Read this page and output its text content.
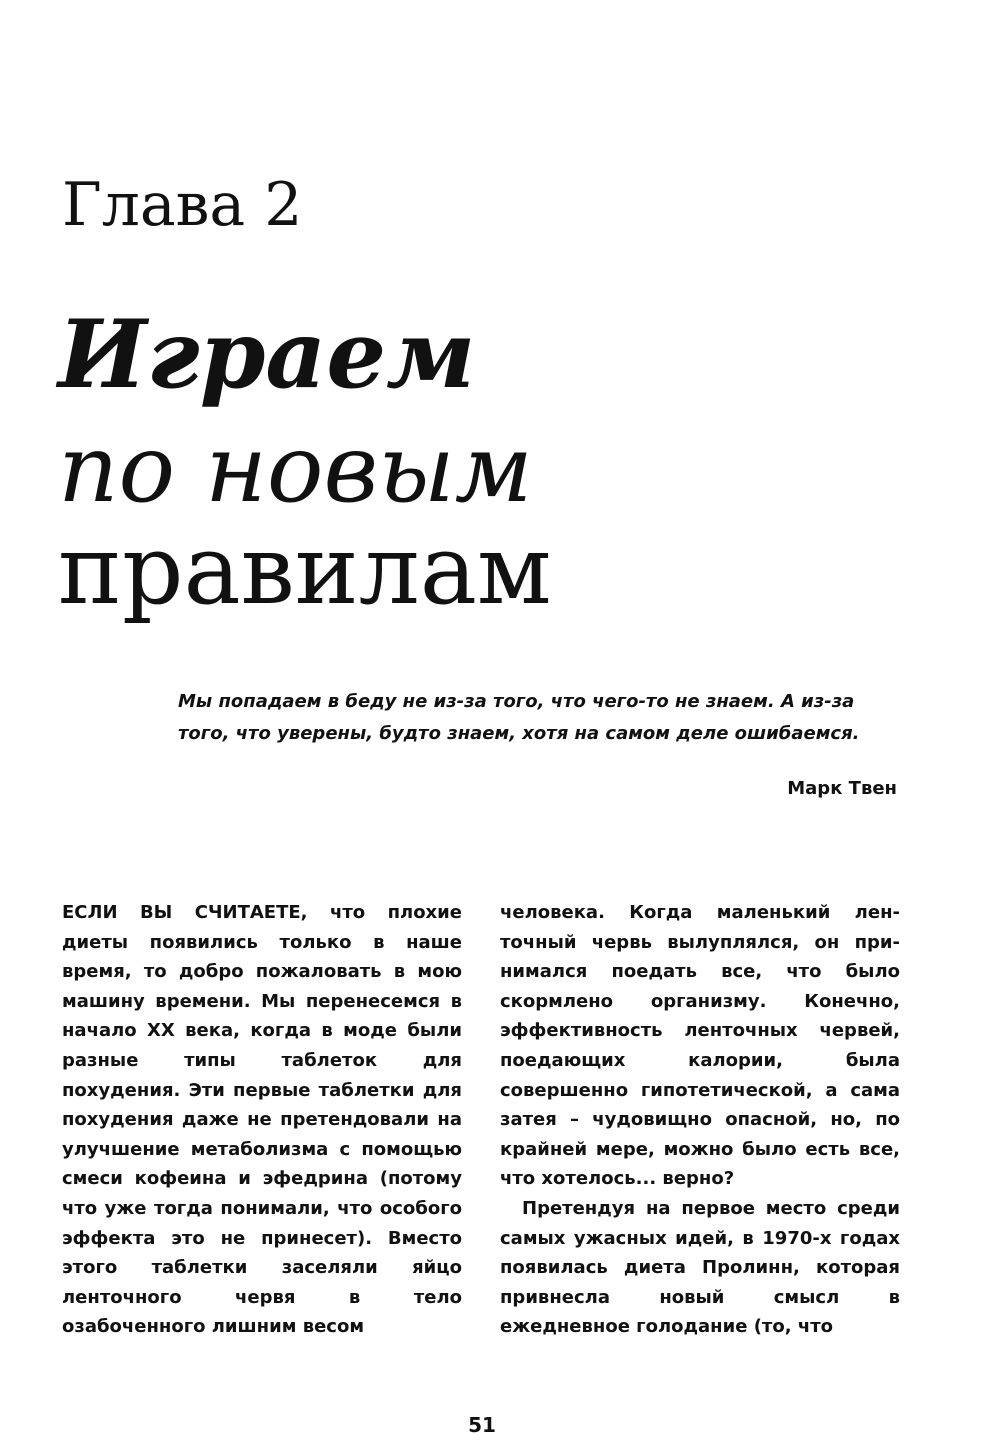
Глава 2
Играем
по новым
правилам
Мы попадаем в беду не из-за того, что чего-то не знаем. А из-за того, что уверены, будто знаем, хотя на самом деле ошибаемся.
Марк Твен

ЕСЛИ ВЫ СЧИТАЕТЕ, что плохие диеты появились только в наше время, то добро пожаловать в мою машину времени. Мы перенесемся в начало XX века, когда в моде были разные типы таблеток для похудения. Эти первые таблетки для похудения даже не претендовали на улучшение метаболизма с помощью смеси кофеина и эфедрина (потому что уже тогда понимали, что особого эффекта это не принесет). Вместо этого таблетки заселяли яйцо ленточного червя в тело озабоченного лишним весом

человека. Когда маленький ленточный червь вылуплялся, он принимался поедать все, что было скормлено организму. Конечно, эффективность ленточных червей, поедающих калории, была совершенно гипотетической, а сама затея – чудовищно опасной, но, по крайней мере, можно было есть все, что хотелось... верно?

Претендуя на первое место среди самых ужасных идей, в 1970-х годах появилась диета Пролинн, которая привнесла новый смысл в ежедневное голодание (то, что

51
